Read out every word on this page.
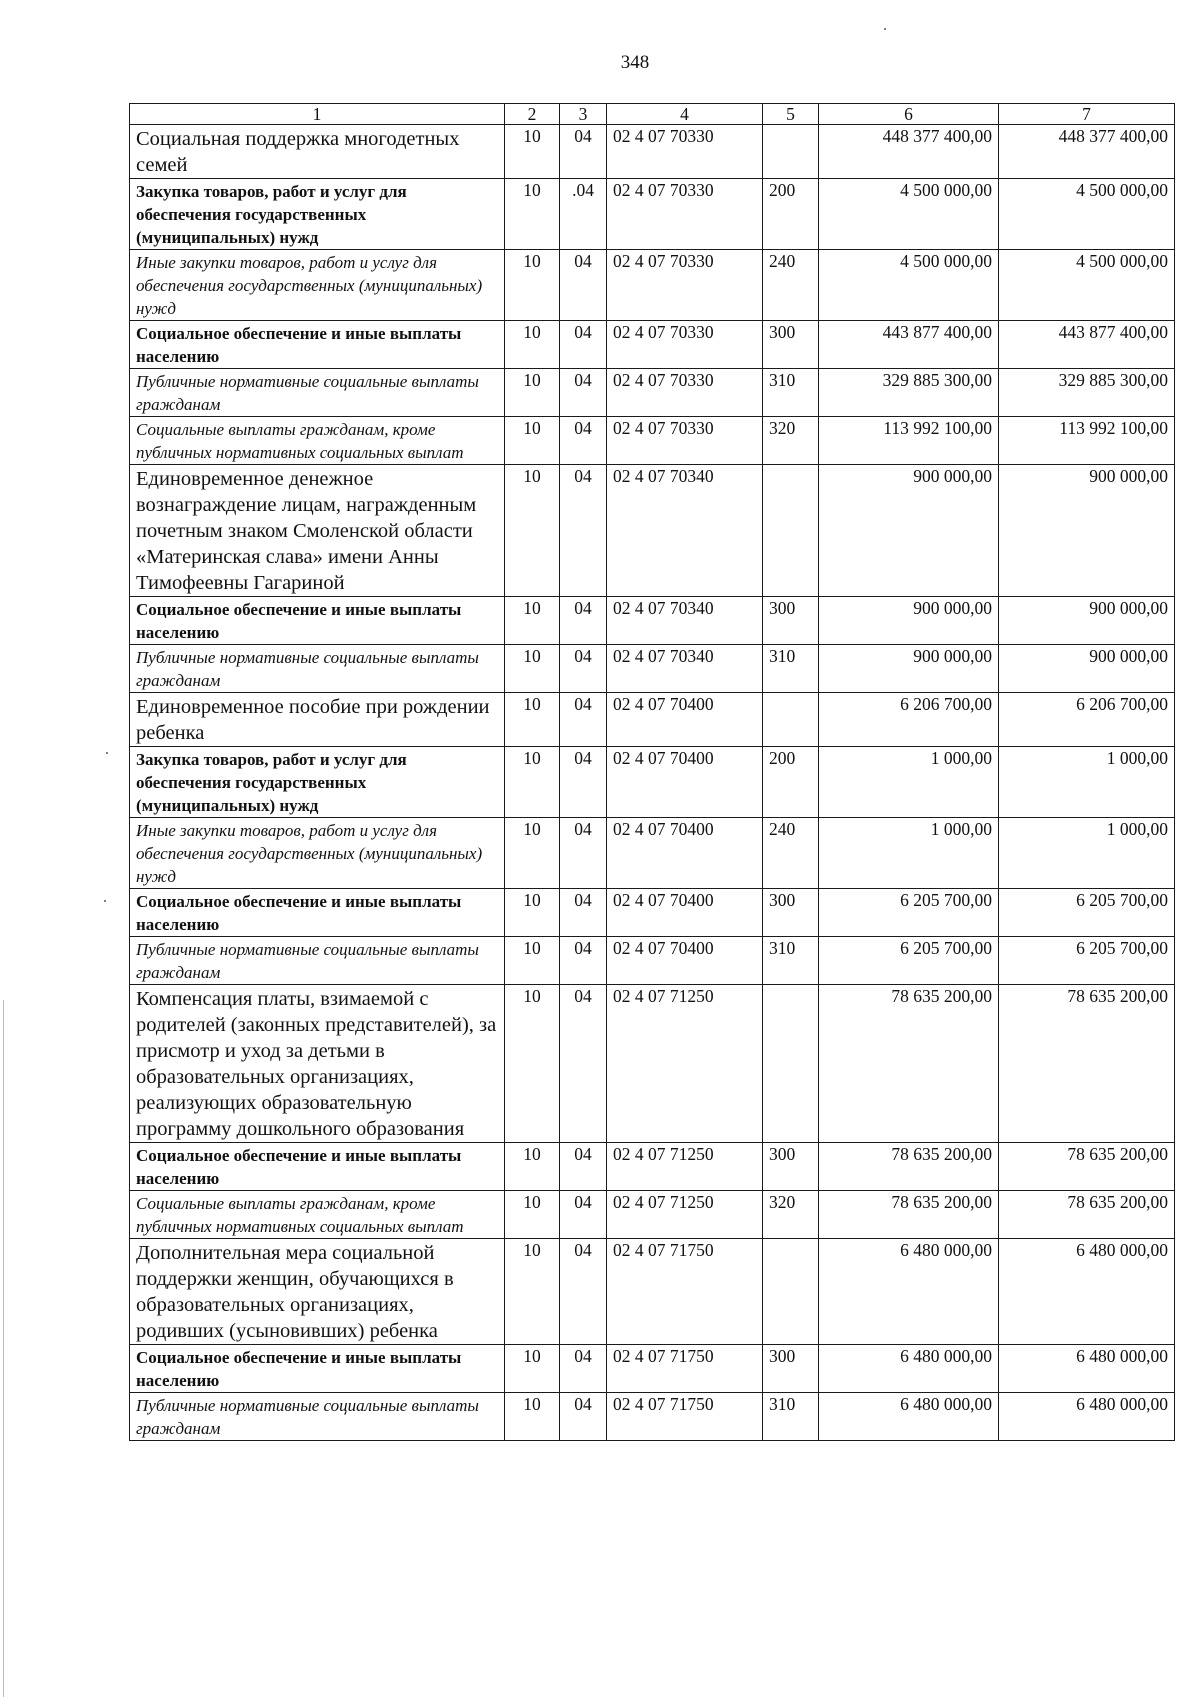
348
1	2	3	4	5	6	7
Социальная поддержка многодетных семей	10	04	02 4 07 70330		448 377 400,00	448 377 400,00
Закупка товаров, работ и услуг для обеспечения государственных (муниципальных) нужд	10	.04	02 4 07 70330	200	4 500 000,00	4 500 000,00
Иные закупки товаров, работ и услуг для обеспечения государственных (муниципальных) нужд	10	04	02 4 07 70330	240	4 500 000,00	4 500 000,00
Социальное обеспечение и иные выплаты населению	10	04	02 4 07 70330	300	443 877 400,00	443 877 400,00
Публичные нормативные социальные выплаты гражданам	10	04	02 4 07 70330	310	329 885 300,00	329 885 300,00
Социальные выплаты гражданам, кроме публичных нормативных социальных выплат	10	04	02 4 07 70330	320	113 992 100,00	113 992 100,00
Единовременное денежное вознаграждение лицам, награжденным почетным знаком Смоленской области «Материнская слава» имени Анны Тимофеевны Гагариной	10	04	02 4 07 70340		900 000,00	900 000,00
Социальное обеспечение и иные выплаты населению	10	04	02 4 07 70340	300	900 000,00	900 000,00
Публичные нормативные социальные выплаты гражданам	10	04	02 4 07 70340	310	900 000,00	900 000,00
Единовременное пособие при рождении ребенка	10	04	02 4 07 70400		6 206 700,00	6 206 700,00
Закупка товаров, работ и услуг для обеспечения государственных (муниципальных) нужд	10	04	02 4 07 70400	200	1 000,00	1 000,00
Иные закупки товаров, работ и услуг для обеспечения государственных (муниципальных) нужд	10	04	02 4 07 70400	240	1 000,00	1 000,00
Социальное обеспечение и иные выплаты населению	10	04	02 4 07 70400	300	6 205 700,00	6 205 700,00
Публичные нормативные социальные выплаты гражданам	10	04	02 4 07 70400	310	6 205 700,00	6 205 700,00
Компенсация платы, взимаемой с родителей (законных представителей), за присмотр и уход за детьми в образовательных организациях, реализующих образовательную программу дошкольного образования	10	04	02 4 07 71250		78 635 200,00	78 635 200,00
Социальное обеспечение и иные выплаты населению	10	04	02 4 07 71250	300	78 635 200,00	78 635 200,00
Социальные выплаты гражданам, кроме публичных нормативных социальных выплат	10	04	02 4 07 71250	320	78 635 200,00	78 635 200,00
Дополнительная мера социальной поддержки женщин, обучающихся в образовательных организациях, родивших (усыновивших) ребенка	10	04	02 4 07 71750		6 480 000,00	6 480 000,00
Социальное обеспечение и иные выплаты населению	10	04	02 4 07 71750	300	6 480 000,00	6 480 000,00
Публичные нормативные социальные выплаты гражданам	10	04	02 4 07 71750	310	6 480 000,00	6 480 000,00
